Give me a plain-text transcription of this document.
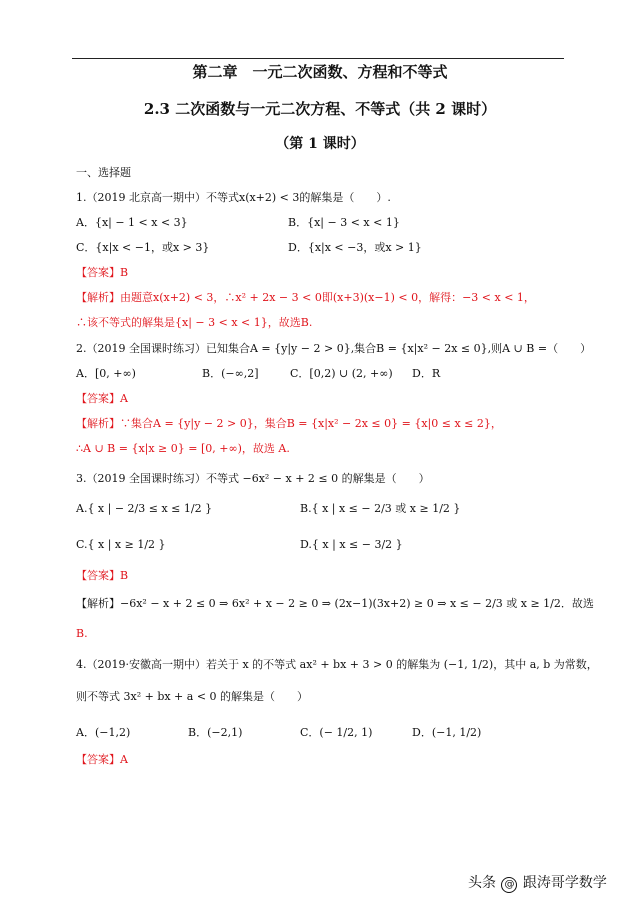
第二章　一元二次函数、方程和不等式
2.3 二次函数与一元二次方程、不等式（共 2 课时）
（第 1 课时）
一、选择题
1.（2019 北京高一期中）不等式x(x+2) < 3的解集是（　　）.
A．{x| − 1 < x < 3}	B．{x| − 3 < x < 1}
C．{x|x < −1，或x > 3}	D．{x|x < −3，或x > 1}
【答案】B
【解析】由题意x(x+2) < 3，∴x² + 2x − 3 < 0即(x+3)(x−1) < 0，解得：−3 < x < 1，
∴该不等式的解集是{x| − 3 < x < 1}，故选B.
2.（2019 全国课时练习）已知集合A = {y|y − 2 > 0},集合B = {x|x² − 2x ≤ 0},则A ∪ B =（　　）
A．[0, +∞)	B．(−∞,2]	C．[0,2) ∪ (2, +∞) D．R
【答案】A
【解析】∵集合A = {y|y − 2 > 0}，集合B = {x|x² − 2x ≤ 0} = {x|0 ≤ x ≤ 2}，
∴A ∪ B = {x|x ≥ 0} = [0, +∞)，故选 A.
3.（2019 全国课时练习）不等式 −6x² − x + 2 ≤ 0 的解集是（　　）
A.{ x | − 2/3 ≤ x ≤ 1/2 }	B.{ x | x ≤ − 2/3 或 x ≥ 1/2 }
C.{ x | x ≥ 1/2 }	D.{ x | x ≤ − 3/2 }
【答案】B
【解析】−6x² − x + 2 ≤ 0 ⇒ 6x² + x − 2 ≥ 0 ⇒ (2x−1)(3x+2) ≥ 0 ⇒ x ≤ − 2/3 或 x ≥ 1/2．故选
B.
4.（2019·安徽高一期中）若关于 x 的不等式 ax² + bx + 3 > 0 的解集为 (−1, 1/2)，其中 a, b 为常数，
则不等式 3x² + bx + a < 0 的解集是（　　）
A．(−1,2)	B．(−2,1)	C．(− 1/2, 1)	D．(−1, 1/2)
【答案】A
头条 @ 跟涛哥学数学
